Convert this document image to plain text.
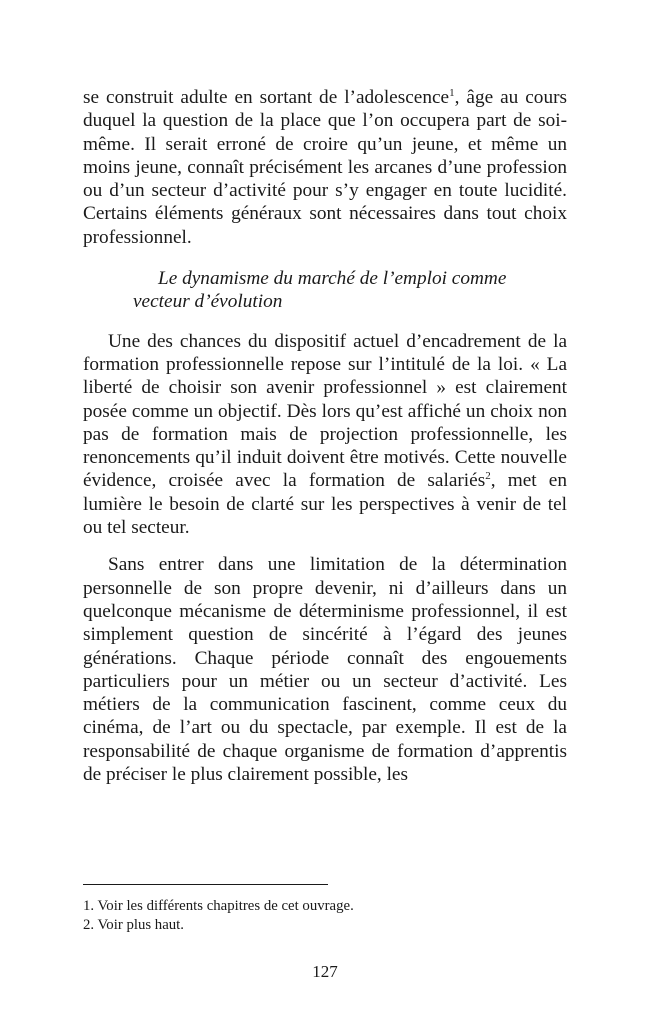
se construit adulte en sortant de l’adolescence$^1$, âge au cours duquel la question de la place que l’on occupera part de soi-même. Il serait erroné de croire qu’un jeune, et même un moins jeune, connaît précisément les arcanes d’une profession ou d’un secteur d’activité pour s’y engager en toute lucidité. Certains éléments généraux sont nécessaires dans tout choix professionnel.

Le dynamisme du marché de l’emploi comme
vecteur d’évolution

Une des chances du dispositif actuel d’encadrement de la formation professionnelle repose sur l’intitulé de la loi. « La liberté de choisir son avenir professionnel » est clairement posée comme un objectif. Dès lors qu’est affiché un choix non pas de formation mais de projection professionnelle, les renoncements qu’il induit doivent être motivés. Cette nouvelle évidence, croisée avec la formation de salariés$^2$, met en lumière le besoin de clarté sur les perspectives à venir de tel ou tel secteur.

Sans entrer dans une limitation de la détermination personnelle de son propre devenir, ni d’ailleurs dans un quelconque mécanisme de déterminisme professionnel, il est simplement question de sincérité à l’égard des jeunes générations. Chaque période connaît des engouements particuliers pour un métier ou un secteur d’activité. Les métiers de la communication fascinent, comme ceux du cinéma, de l’art ou du spectacle, par exemple. Il est de la responsabilité de chaque organisme de formation d’apprentis de préciser le plus clairement possible, les

1. Voir les différents chapitres de cet ouvrage.

2. Voir plus haut.

127
